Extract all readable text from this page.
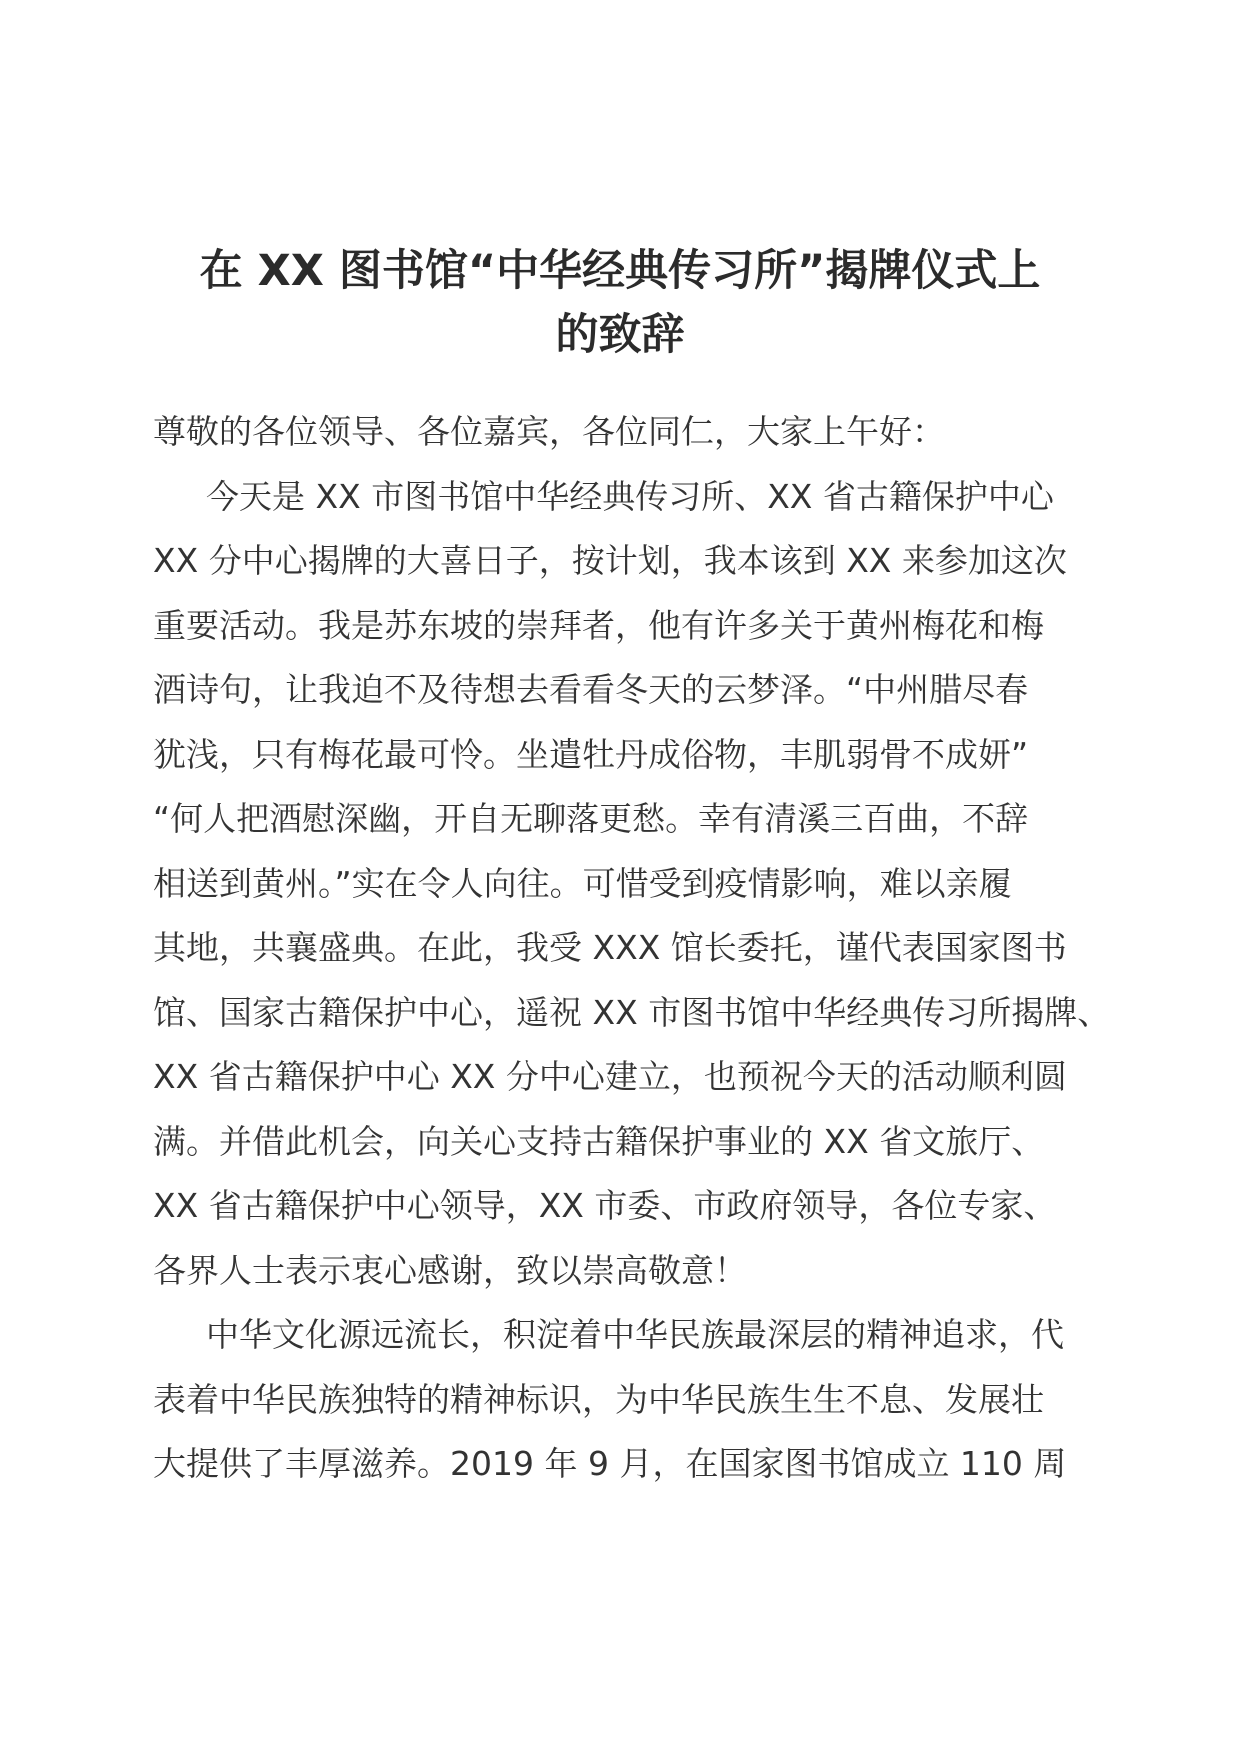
在 XX 图书馆“中华经典传习所”揭牌仪式上
的致辞
尊敬的各位领导、各位嘉宾，各位同仁，大家上午好：
今天是 XX 市图书馆中华经典传习所、XX 省古籍保护中心
XX 分中心揭牌的大喜日子，按计划，我本该到 XX 来参加这次
重要活动。我是苏东坡的崇拜者，他有许多关于黄州梅花和梅
酒诗句，让我迫不及待想去看看冬天的云梦泽。“中州腊尽春
犹浅，只有梅花最可怜。坐遣牡丹成俗物，丰肌弱骨不成妍”
“何人把酒慰深幽，开自无聊落更愁。幸有清溪三百曲，不辞
相送到黄州。”实在令人向往。可惜受到疫情影响，难以亲履
其地，共襄盛典。在此，我受 XXX 馆长委托，谨代表国家图书
馆、国家古籍保护中心，遥祝 XX 市图书馆中华经典传习所揭牌、
XX 省古籍保护中心 XX 分中心建立，也预祝今天的活动顺利圆
满。并借此机会，向关心支持古籍保护事业的 XX 省文旅厅、
XX 省古籍保护中心领导，XX 市委、市政府领导，各位专家、
各界人士表示衷心感谢，致以崇高敬意！
中华文化源远流长，积淀着中华民族最深层的精神追求，代
表着中华民族独特的精神标识，为中华民族生生不息、发展壮
大提供了丰厚滋养。2019 年 9 月，在国家图书馆成立 110 周
